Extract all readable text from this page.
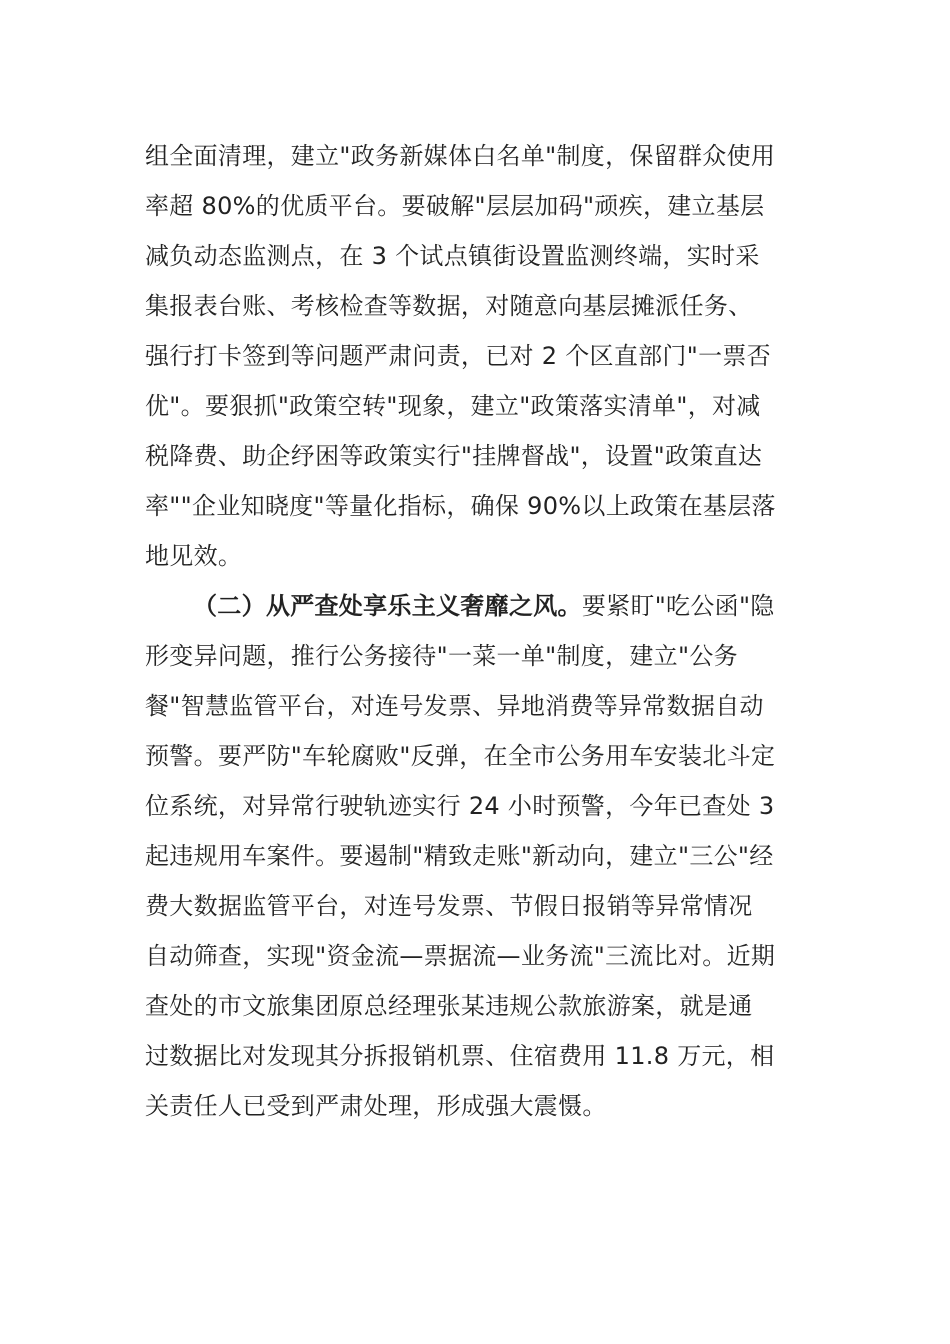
组全面清理，建立"政务新媒体白名单"制度，保留群众使用
率超 80%的优质平台。要破解"层层加码"顽疾，建立基层
减负动态监测点，在 3 个试点镇街设置监测终端，实时采
集报表台账、考核检查等数据，对随意向基层摊派任务、
强行打卡签到等问题严肃问责，已对 2 个区直部门"一票否
优"。要狠抓"政策空转"现象，建立"政策落实清单"，对减
税降费、助企纾困等政策实行"挂牌督战"，设置"政策直达
率""企业知晓度"等量化指标，确保 90%以上政策在基层落
地见效。
（二）从严查处享乐主义奢靡之风。要紧盯"吃公函"隐
形变异问题，推行公务接待"一菜一单"制度，建立"公务
餐"智慧监管平台，对连号发票、异地消费等异常数据自动
预警。要严防"车轮腐败"反弹，在全市公务用车安装北斗定
位系统，对异常行驶轨迹实行 24 小时预警，今年已查处 3
起违规用车案件。要遏制"精致走账"新动向，建立"三公"经
费大数据监管平台，对连号发票、节假日报销等异常情况
自动筛查，实现"资金流—票据流—业务流"三流比对。近期
查处的市文旅集团原总经理张某违规公款旅游案，就是通
过数据比对发现其分拆报销机票、住宿费用 11.8 万元，相
关责任人已受到严肃处理，形成强大震慑。
